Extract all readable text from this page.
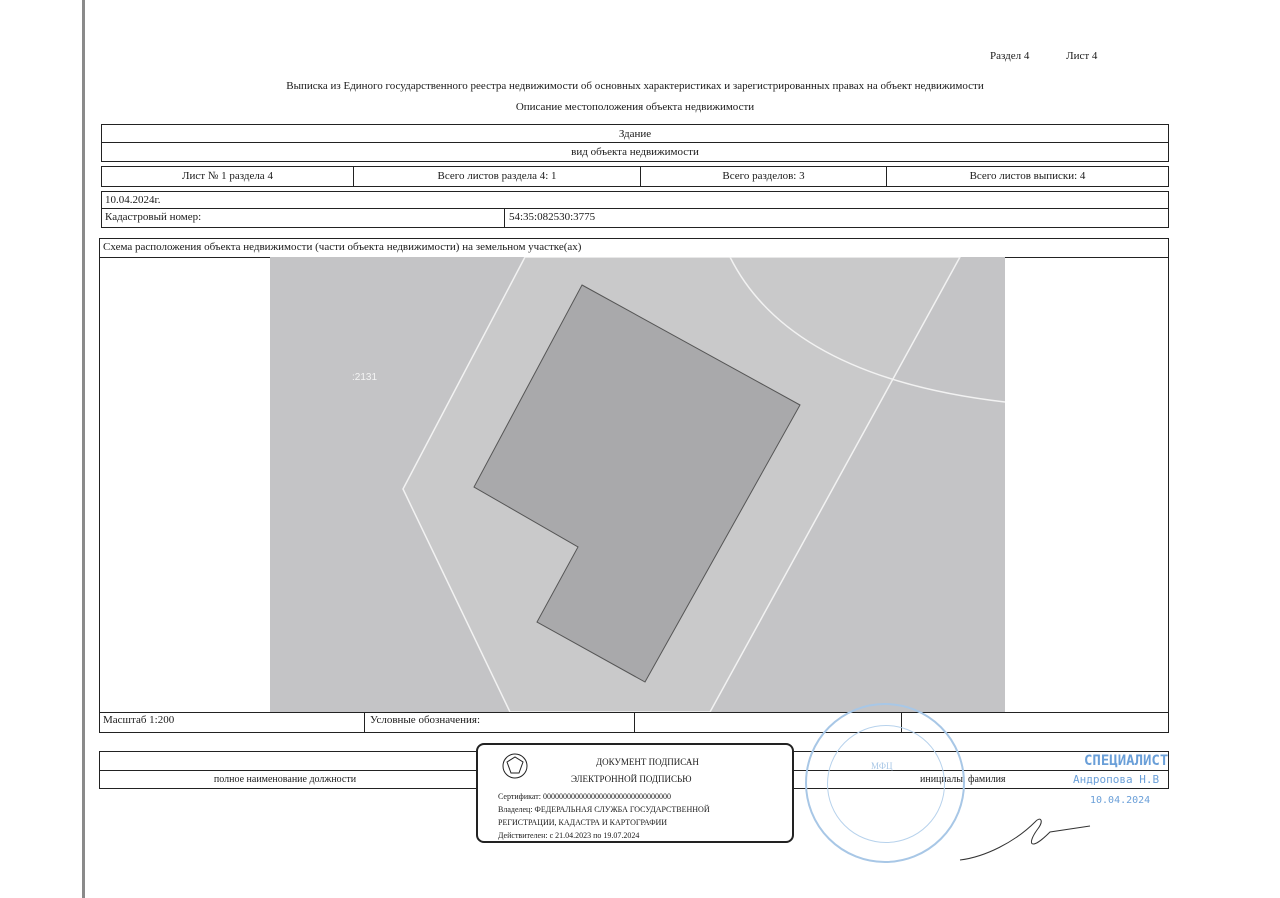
Раздел 4	Лист 4
Выписка из Единого государственного реестра недвижимости об основных характеристиках и зарегистрированных правах на объект недвижимости
Описание местоположения объекта недвижимости
Здание
вид объекта недвижимости
Лист № 1 раздела 4	Всего листов раздела 4: 1	Всего разделов: 3	Всего листов выписки: 4
10.04.2024г.
Кадастровый номер:	54:35:082530:3775
Схема расположения объекта недвижимости (части объекта недвижимости) на земельном участке(ах)
Масштаб 1:200	Условные обозначения:
:2131
полное наименование должности	инициалы, фамилия
МФЦ
ДОКУМЕНТ ПОДПИСАН
ЭЛЕКТРОННОЙ ПОДПИСЬЮ
Сертификат: 00000000000000000000000000000000
Владелец: ФЕДЕРАЛЬНАЯ СЛУЖБА ГОСУДАРСТВЕННОЙ
РЕГИСТРАЦИИ, КАДАСТРА И КАРТОГРАФИИ
Действителен: с 21.04.2023 по 19.07.2024
СПЕЦИАЛИСТ
Андропова Н.В
10.04.2024
